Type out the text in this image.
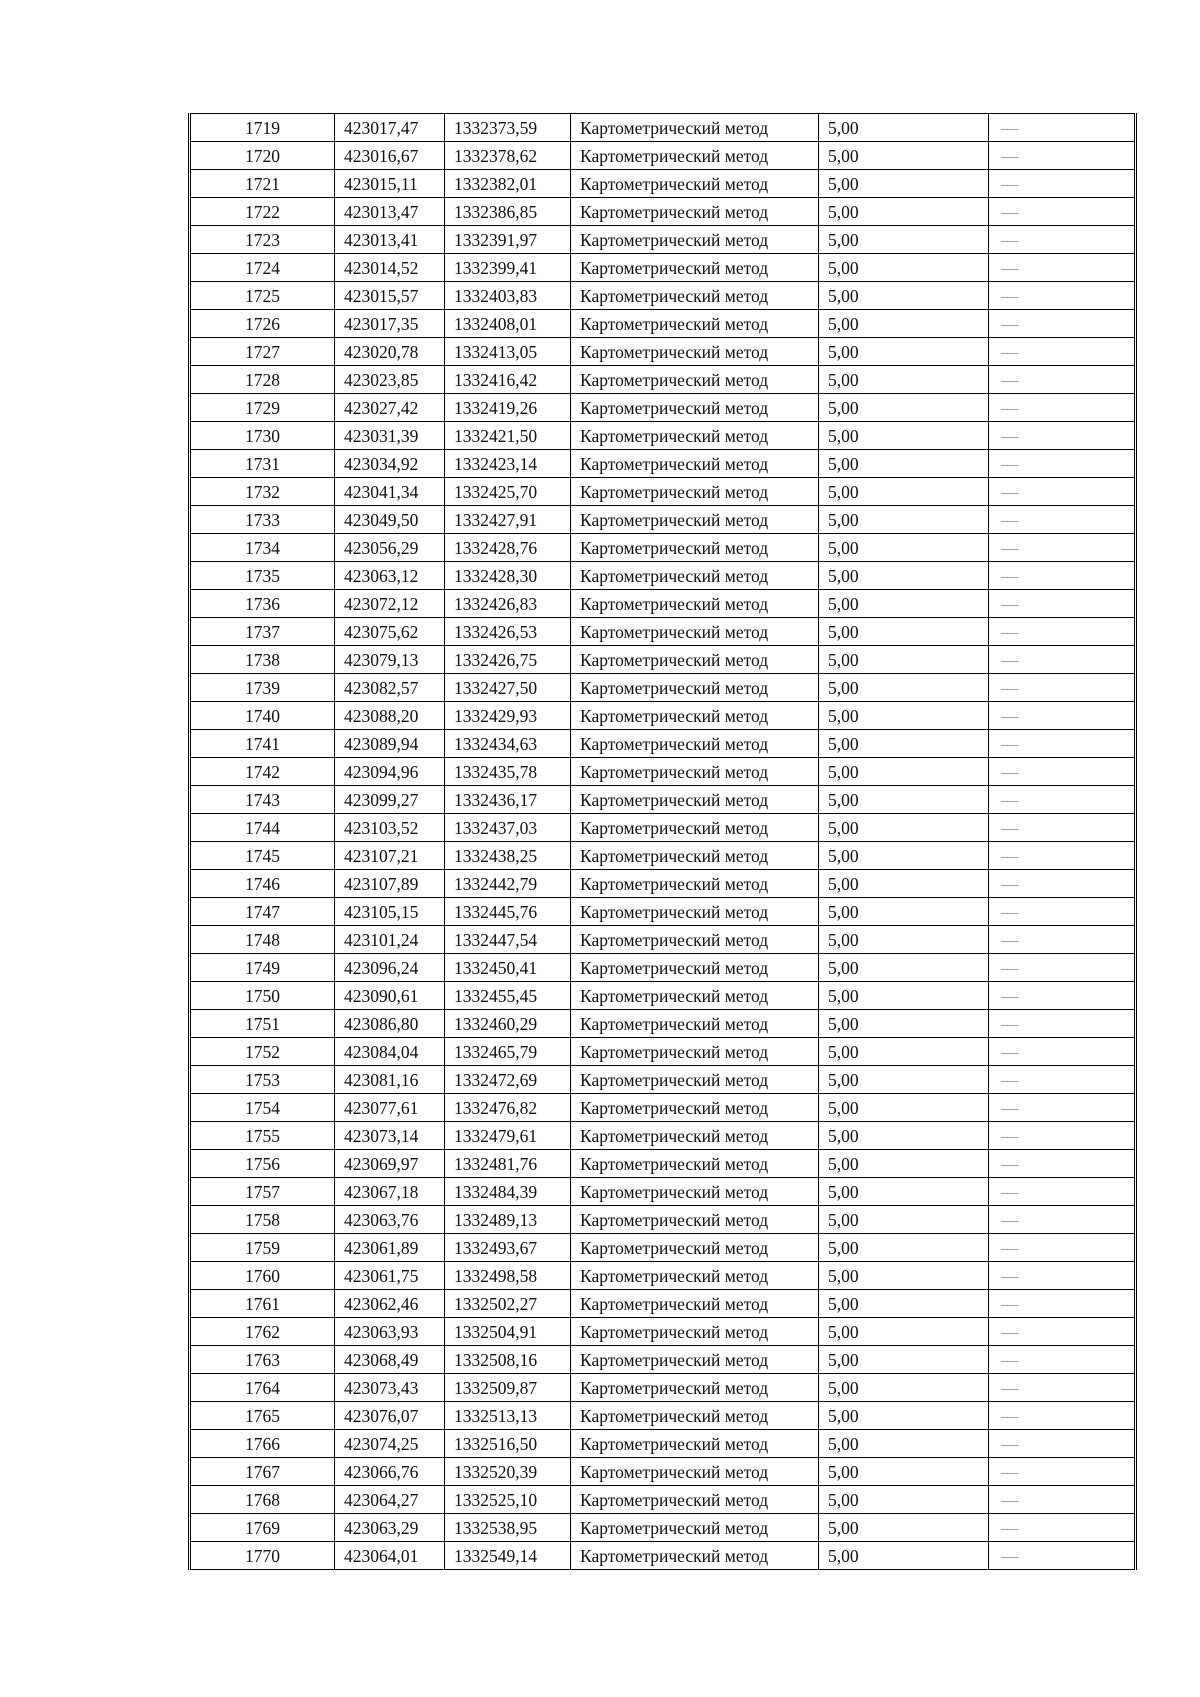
1719	423017,47	1332373,59	Картометрический метод	5,00	—
1720	423016,67	1332378,62	Картометрический метод	5,00	—
1721	423015,11	1332382,01	Картометрический метод	5,00	—
1722	423013,47	1332386,85	Картометрический метод	5,00	—
1723	423013,41	1332391,97	Картометрический метод	5,00	—
1724	423014,52	1332399,41	Картометрический метод	5,00	—
1725	423015,57	1332403,83	Картометрический метод	5,00	—
1726	423017,35	1332408,01	Картометрический метод	5,00	—
1727	423020,78	1332413,05	Картометрический метод	5,00	—
1728	423023,85	1332416,42	Картометрический метод	5,00	—
1729	423027,42	1332419,26	Картометрический метод	5,00	—
1730	423031,39	1332421,50	Картометрический метод	5,00	—
1731	423034,92	1332423,14	Картометрический метод	5,00	—
1732	423041,34	1332425,70	Картометрический метод	5,00	—
1733	423049,50	1332427,91	Картометрический метод	5,00	—
1734	423056,29	1332428,76	Картометрический метод	5,00	—
1735	423063,12	1332428,30	Картометрический метод	5,00	—
1736	423072,12	1332426,83	Картометрический метод	5,00	—
1737	423075,62	1332426,53	Картометрический метод	5,00	—
1738	423079,13	1332426,75	Картометрический метод	5,00	—
1739	423082,57	1332427,50	Картометрический метод	5,00	—
1740	423088,20	1332429,93	Картометрический метод	5,00	—
1741	423089,94	1332434,63	Картометрический метод	5,00	—
1742	423094,96	1332435,78	Картометрический метод	5,00	—
1743	423099,27	1332436,17	Картометрический метод	5,00	—
1744	423103,52	1332437,03	Картометрический метод	5,00	—
1745	423107,21	1332438,25	Картометрический метод	5,00	—
1746	423107,89	1332442,79	Картометрический метод	5,00	—
1747	423105,15	1332445,76	Картометрический метод	5,00	—
1748	423101,24	1332447,54	Картометрический метод	5,00	—
1749	423096,24	1332450,41	Картометрический метод	5,00	—
1750	423090,61	1332455,45	Картометрический метод	5,00	—
1751	423086,80	1332460,29	Картометрический метод	5,00	—
1752	423084,04	1332465,79	Картометрический метод	5,00	—
1753	423081,16	1332472,69	Картометрический метод	5,00	—
1754	423077,61	1332476,82	Картометрический метод	5,00	—
1755	423073,14	1332479,61	Картометрический метод	5,00	—
1756	423069,97	1332481,76	Картометрический метод	5,00	—
1757	423067,18	1332484,39	Картометрический метод	5,00	—
1758	423063,76	1332489,13	Картометрический метод	5,00	—
1759	423061,89	1332493,67	Картометрический метод	5,00	—
1760	423061,75	1332498,58	Картометрический метод	5,00	—
1761	423062,46	1332502,27	Картометрический метод	5,00	—
1762	423063,93	1332504,91	Картометрический метод	5,00	—
1763	423068,49	1332508,16	Картометрический метод	5,00	—
1764	423073,43	1332509,87	Картометрический метод	5,00	—
1765	423076,07	1332513,13	Картометрический метод	5,00	—
1766	423074,25	1332516,50	Картометрический метод	5,00	—
1767	423066,76	1332520,39	Картометрический метод	5,00	—
1768	423064,27	1332525,10	Картометрический метод	5,00	—
1769	423063,29	1332538,95	Картометрический метод	5,00	—
1770	423064,01	1332549,14	Картометрический метод	5,00	—
